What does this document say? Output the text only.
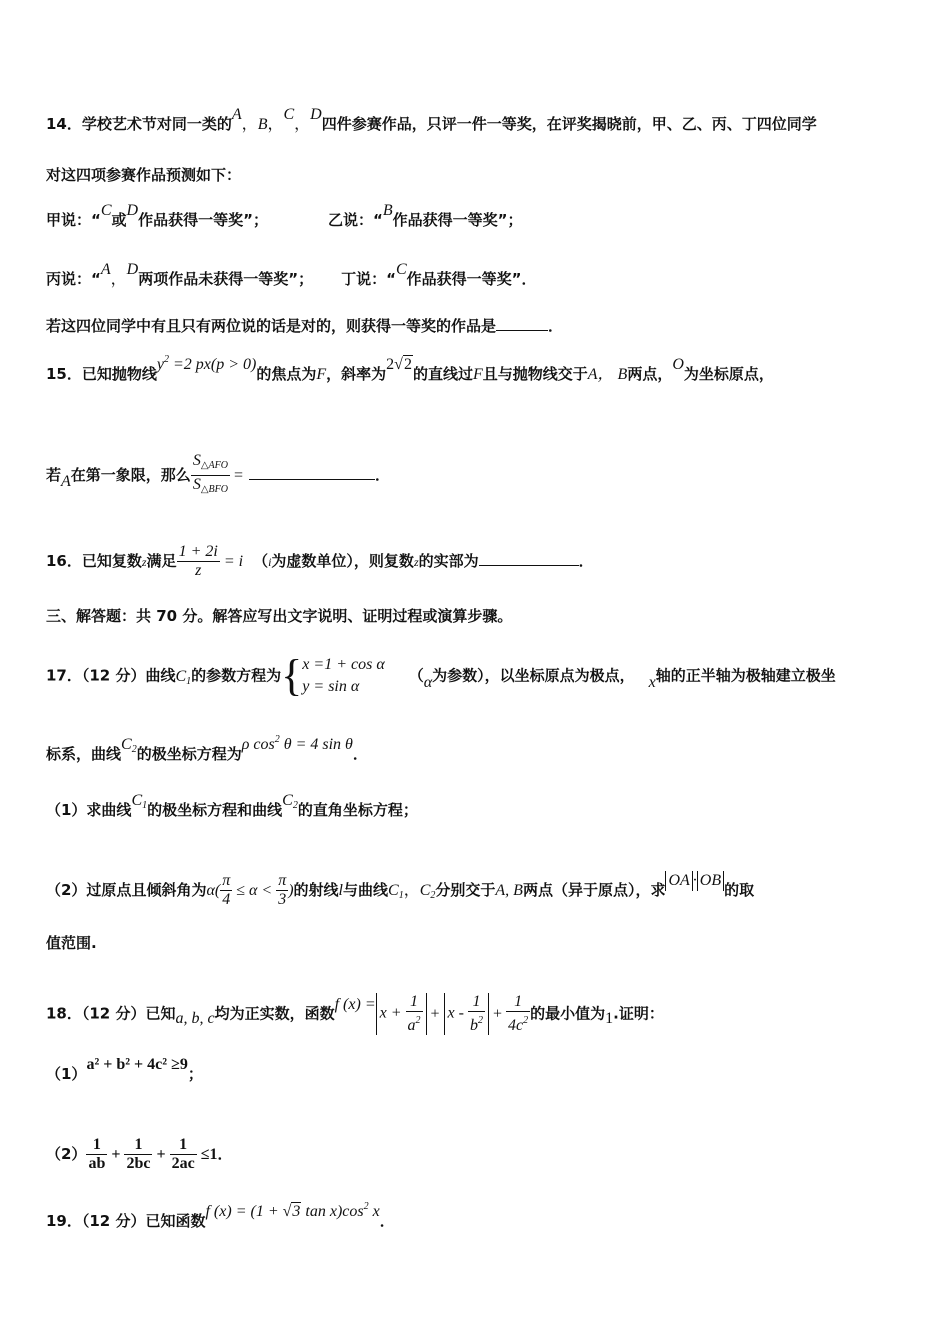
14．学校艺术节对同一类的A，B，C，D四件参赛作品，只评一件一等奖，在评奖揭晓前，甲、乙、丙、丁四位同学
对这四项参赛作品预测如下：
甲说：“C或D作品获得一等奖”；	乙说：“B作品获得一等奖”；
丙说：“A，D两项作品未获得一等奖”； 丁说：“C作品获得一等奖”．
若这四位同学中有且只有两位说的话是对的，则获得一等奖的作品是	．
15．已知抛物线$y^2 =2$ px(p > 0)的焦点为F，斜率为2√2的直线过F且与抛物线交于A， B两点，O为坐标原点，
若A在第一象限，那么 $\frac{S_{\triangle AFO}}{S_{\triangle BFO}}$ =	．
16．已知复数z满足 $\frac{1 + 2i}{z} = i$ （i为虚数单位），则复数z的实部为	．
三、解答题：共 70 分。解答应写出文字说明、证明过程或演算步骤。
17．（12 分）曲线$C_1$的参数方程为{ x =1 + cos α
y = sin α
（α为参数），以坐标原点为极点， x轴的正半轴为极轴建立极坐
标系，曲线$C_2$的极坐标方程为ρ $\cos^2 \theta = 4$ sin θ．
（1）求曲线$C_1$的极坐标方程和曲线$C_2$的直角坐标方程；
（2）过原点且倾斜角为$\alpha( \frac{\pi}{4} \le \alpha < \frac{\pi}{3}$ )的射线l与曲线$C_1$，$C_2$分别交于A, B两点（异于原点），求OA · OB的取
值范围.
18．（12 分）已知a, b, c均为正实数，函数f $(x) =x + \frac{1}{a^2} + x - \frac{1}{b^2} + \frac{1}{4c^2}$ 的最小值为1.证明：
（1）a² + b² + 4c² ≥9；
$(2) \frac{1}{ab} + \frac{1}{2bc} + \frac{1}{2ac} \le 1$．
19．（12 分）已知函数f (x) = (1 + √3 $\tan x)\cos^2$ x．
